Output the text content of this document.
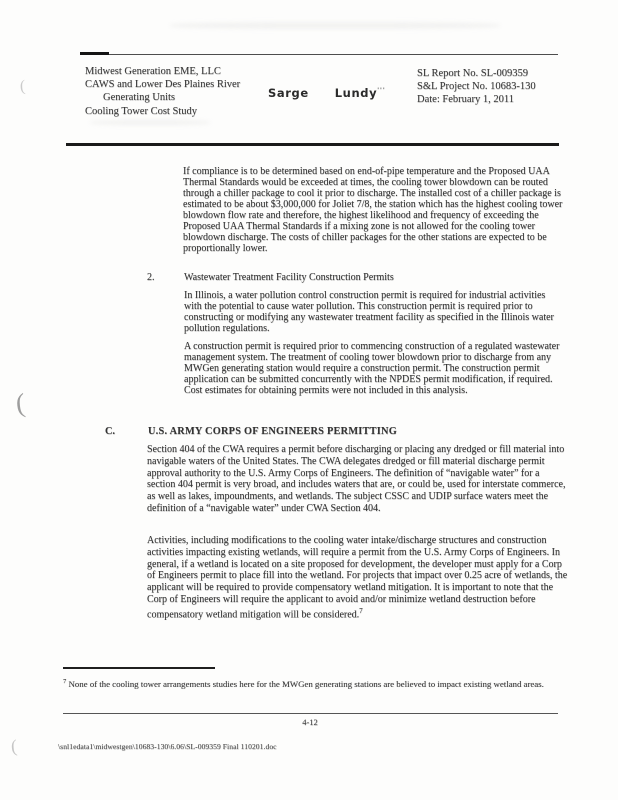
(
(
(
Midwest Generation EME, LLC
CAWS and Lower Des Plaines River
Generating Units
Cooling Tower Cost Study
Sarge Lundy'''
SL Report No. SL-009359
S&L Project No. 10683-130
Date: February 1, 2011

If compliance is to be determined based on end-of-pipe temperature and the Proposed UAA Thermal Standards would be exceeded at times, the cooling tower blowdown can be routed through a chiller package to cool it prior to discharge. The installed cost of a chiller package is estimated to be about $3,000,000 for Joliet 7/8, the station which has the highest cooling tower blowdown flow rate and therefore, the highest likelihood and frequency of exceeding the Proposed UAA Thermal Standards if a mixing zone is not allowed for the cooling tower blowdown discharge. The costs of chiller packages for the other stations are expected to be proportionally lower.

2.	Wastewater Treatment Facility Construction Permits

In Illinois, a water pollution control construction permit is required for industrial activities with the potential to cause water pollution. This construction permit is required prior to constructing or modifying any wastewater treatment facility as specified in the Illinois water pollution regulations.

A construction permit is required prior to commencing construction of a regulated wastewater management system. The treatment of cooling tower blowdown prior to discharge from any MWGen generating station would require a construction permit. The construction permit application can be submitted concurrently with the NPDES permit modification, if required. Cost estimates for obtaining permits were not included in this analysis.

C.	U.S. ARMY CORPS OF ENGINEERS PERMITTING

Section 404 of the CWA requires a permit before discharging or placing any dredged or fill material into navigable waters of the United States. The CWA delegates dredged or fill material discharge permit approval authority to the U.S. Army Corps of Engineers. The definition of “navigable water” for a section 404 permit is very broad, and includes waters that are, or could be, used for interstate commerce, as well as lakes, impoundments, and wetlands. The subject CSSC and UDIP surface waters meet the definition of a “navigable water” under CWA Section 404.

Activities, including modifications to the cooling water intake/discharge structures and construction activities impacting existing wetlands, will require a permit from the U.S. Army Corps of Engineers. In general, if a wetland is located on a site proposed for development, the developer must apply for a Corp of Engineers permit to place fill into the wetland. For projects that impact over 0.25 acre of wetlands, the applicant will be required to provide compensatory wetland mitigation. It is important to note that the Corp of Engineers will require the applicant to avoid and/or minimize wetland destruction before compensatory wetland mitigation will be considered.$^7$

$^7$ None of the cooling tower arrangements studies here for the MWGen generating stations are believed to impact existing wetland areas.
4-12
\snl1edata1\midwestgen\10683-130\6.06\SL-009359 Final 110201.doc
